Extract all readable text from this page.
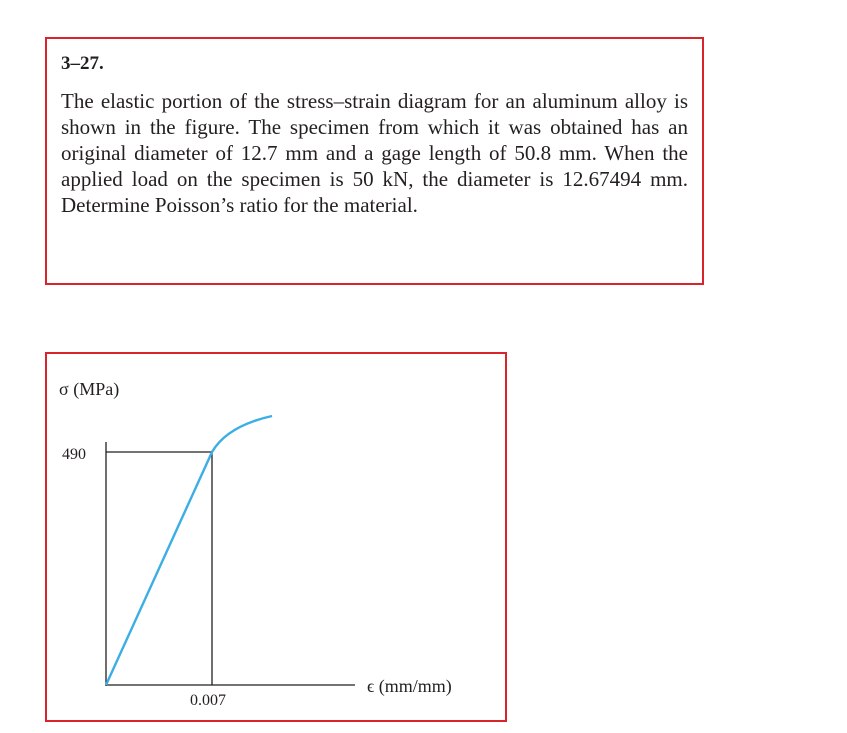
3–27.

The elastic portion of the stress–strain diagram for an aluminum alloy is shown in the figure. The specimen from which it was obtained has an original diameter of 12.7 mm and a gage length of 50.8 mm. When the applied load on the specimen is 50 kN, the diameter is 12.67494 mm. Determine Poisson’s ratio for the material.

σ (MPa)
490
0.007
ϵ (mm/mm)
